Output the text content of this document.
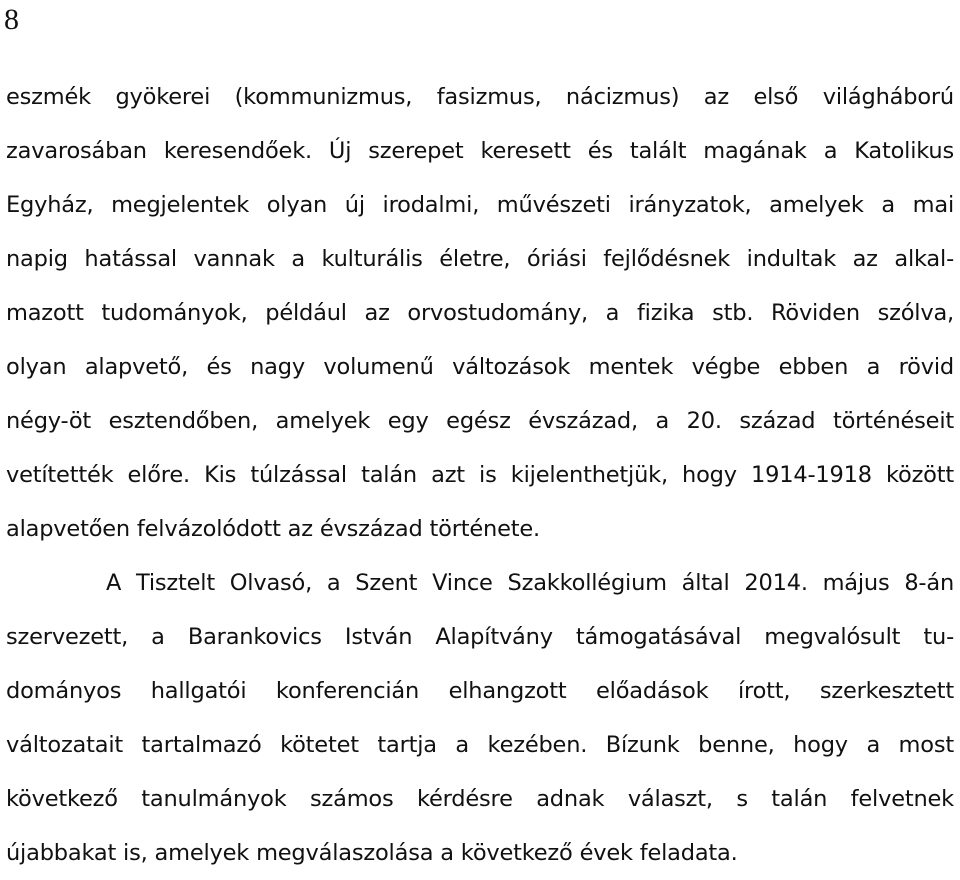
8
eszmék gyökerei (kommunizmus, fasizmus, nácizmus) az első világháború
zavarosában keresendőek. Új szerepet keresett és talált magának a Katolikus
Egyház, megjelentek olyan új irodalmi, művészeti irányzatok, amelyek a mai
napig hatással vannak a kulturális életre, óriási fejlődésnek indultak az alkal-
mazott tudományok, például az orvostudomány, a fizika stb. Röviden szólva,
olyan alapvető, és nagy volumenű változások mentek végbe ebben a rövid
négy-öt esztendőben, amelyek egy egész évszázad, a 20. század történéseit
vetítették előre. Kis túlzással talán azt is kijelenthetjük, hogy 1914-1918 között
alapvetően felvázolódott az évszázad története.
A Tisztelt Olvasó, a Szent Vince Szakkollégium által 2014. május 8-án
szervezett, a Barankovics István Alapítvány támogatásával megvalósult tu-
dományos hallgatói konferencián elhangzott előadások írott, szerkesztett
változatait tartalmazó kötetet tartja a kezében. Bízunk benne, hogy a most
következő tanulmányok számos kérdésre adnak választ, s talán felvetnek
újabbakat is, amelyek megválaszolása a következő évek feladata.
